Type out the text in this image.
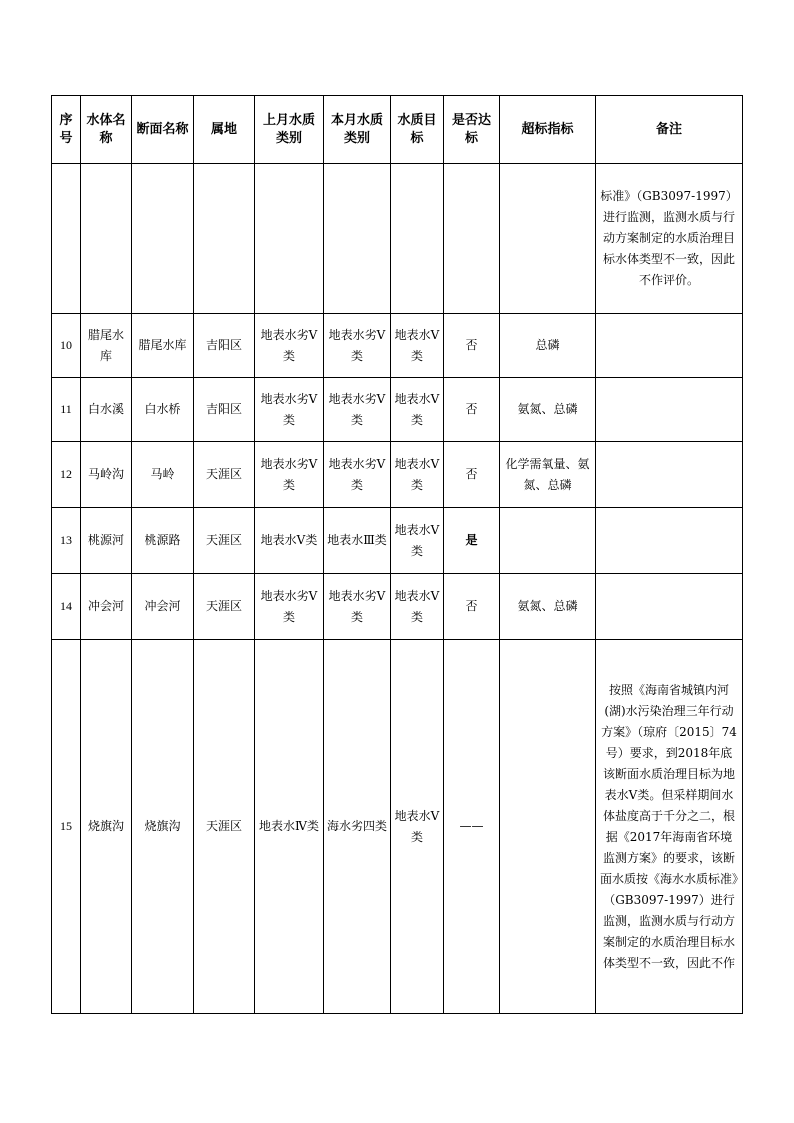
序号	水体名称	断面名称	属地	上月水质类别	本月水质类别	水质目标	是否达标	超标指标	备注
									标准》（GB3097-1997）进行监测，监测水质与行动方案制定的水质治理目标水体类型不一致，因此不作评价。
10	腊尾水库	腊尾水库	吉阳区	地表水劣Ⅴ类	地表水劣Ⅴ类	地表水Ⅴ类	否	总磷	
11	白水溪	白水桥	吉阳区	地表水劣Ⅴ类	地表水劣Ⅴ类	地表水Ⅴ类	否	氨氮、总磷	
12	马岭沟	马岭	天涯区	地表水劣Ⅴ类	地表水劣Ⅴ类	地表水Ⅴ类	否	化学需氧量、氨氮、总磷	
13	桃源河	桃源路	天涯区	地表水Ⅴ类	地表水Ⅲ类	地表水Ⅴ类	是		
14	冲会河	冲会河	天涯区	地表水劣Ⅴ类	地表水劣Ⅴ类	地表水Ⅴ类	否	氨氮、总磷	
15	烧旗沟	烧旗沟	天涯区	地表水Ⅳ类	海水劣四类	地表水Ⅴ类	——		按照《海南省城镇内河(湖)水污染治理三年行动方案》（琼府〔2015〕74号）要求，到2018年底该断面水质治理目标为地表水Ⅴ类。但采样期间水体盐度高于千分之二，根据《2017年海南省环境监测方案》的要求，该断面水质按《海水水质标准》（GB3097-1997）进行监测，监测水质与行动方案制定的水质治理目标水体类型不一致，因此不作
